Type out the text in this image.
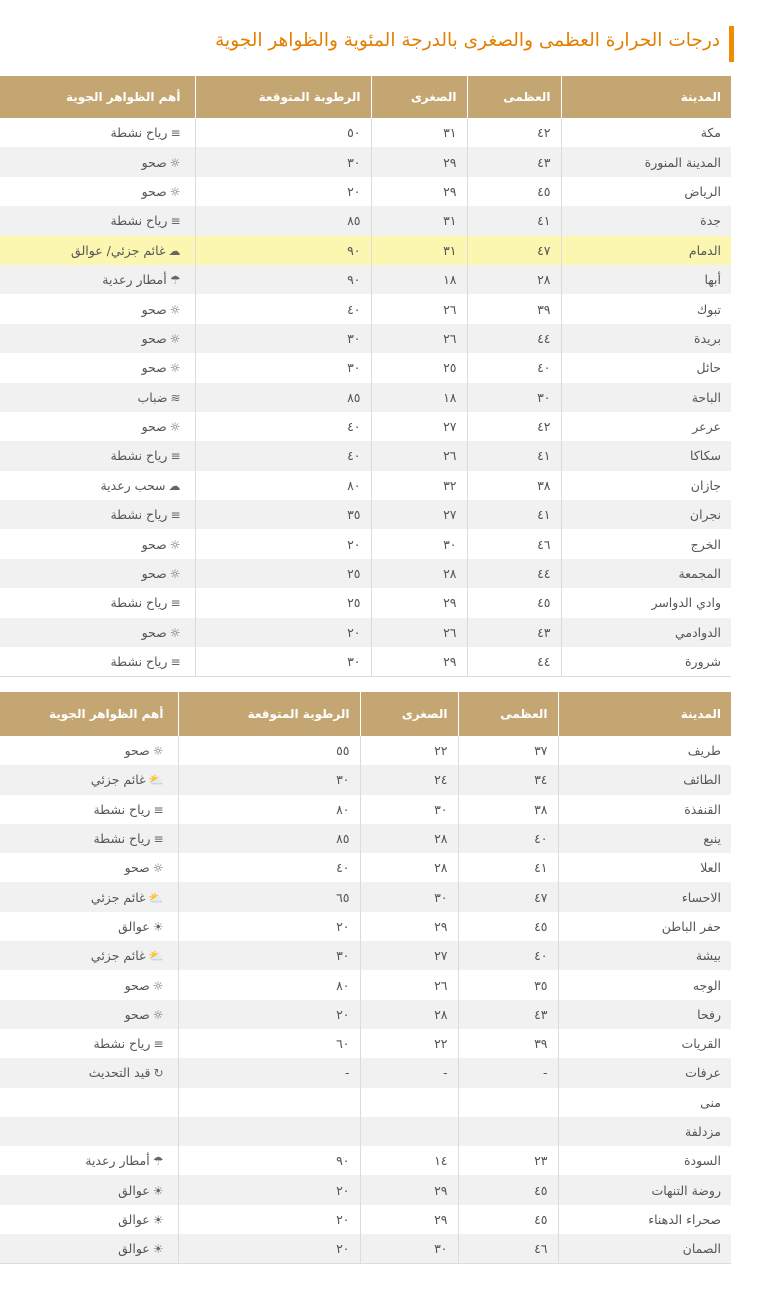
درجات الحرارة العظمى والصغرى بالدرجة المئوية والظواهر الجوية
المدينة	العظمى	الصغرى	الرطوبة المتوقعة	أهم الظواهر الجوية
مكة	٤٢	٣١	٥٠	≡رياح نشطة
المدينة المنورة	٤٣	٢٩	٣٠	☼صحو
الرياض	٤٥	٢٩	٢٠	☼صحو
جدة	٤١	٣١	٨٥	≡رياح نشطة
الدمام	٤٧	٣١	٩٠	☁غائم جزئي/ عوالق
أبها	٢٨	١٨	٩٠	☂أمطار رعدية
تبوك	٣٩	٢٦	٤٠	☼صحو
بريدة	٤٤	٢٦	٣٠	☼صحو
حائل	٤٠	٢٥	٣٠	☼صحو
الباحة	٣٠	١٨	٨٥	≋ضباب
عرعر	٤٢	٢٧	٤٠	☼صحو
سكاكا	٤١	٢٦	٤٠	≡رياح نشطة
جازان	٣٨	٣٢	٨٠	☁سحب رعدية
نجران	٤١	٢٧	٣٥	≡رياح نشطة
الخرج	٤٦	٣٠	٢٠	☼صحو
المجمعة	٤٤	٢٨	٢٥	☼صحو
وادي الدواسر	٤٥	٢٩	٢٥	≡رياح نشطة
الدوادمي	٤٣	٢٦	٢٠	☼صحو
شرورة	٤٤	٢٩	٣٠	≡رياح نشطة
المدينة	العظمى	الصغرى	الرطوبة المتوقعة	أهم الظواهر الجوية
طريف	٣٧	٢٢	٥٥	☼صحو
الطائف	٣٤	٢٤	٣٠	⛅غائم جزئي
القنفذة	٣٨	٣٠	٨٠	≡رياح نشطة
ينبع	٤٠	٢٨	٨٥	≡رياح نشطة
العلا	٤١	٢٨	٤٠	☼صحو
الاحساء	٤٧	٣٠	٦٥	⛅غائم جزئي
حفر الباطن	٤٥	٢٩	٢٠	☀عوالق
بيشة	٤٠	٢٧	٣٠	⛅غائم جزئي
الوجه	٣٥	٢٦	٨٠	☼صحو
رفحا	٤٣	٢٨	٢٠	☼صحو
القريات	٣٩	٢٢	٦٠	≡رياح نشطة
عرفات	-	-	-	↻قيد التحديث
منى				
مزدلفة				
السودة	٢٣	١٤	٩٠	☂أمطار رعدية
روضة التنهات	٤٥	٢٩	٢٠	☀عوالق
صحراء الدهناء	٤٥	٢٩	٢٠	☀عوالق
الصمان	٤٦	٣٠	٢٠	☀عوالق
